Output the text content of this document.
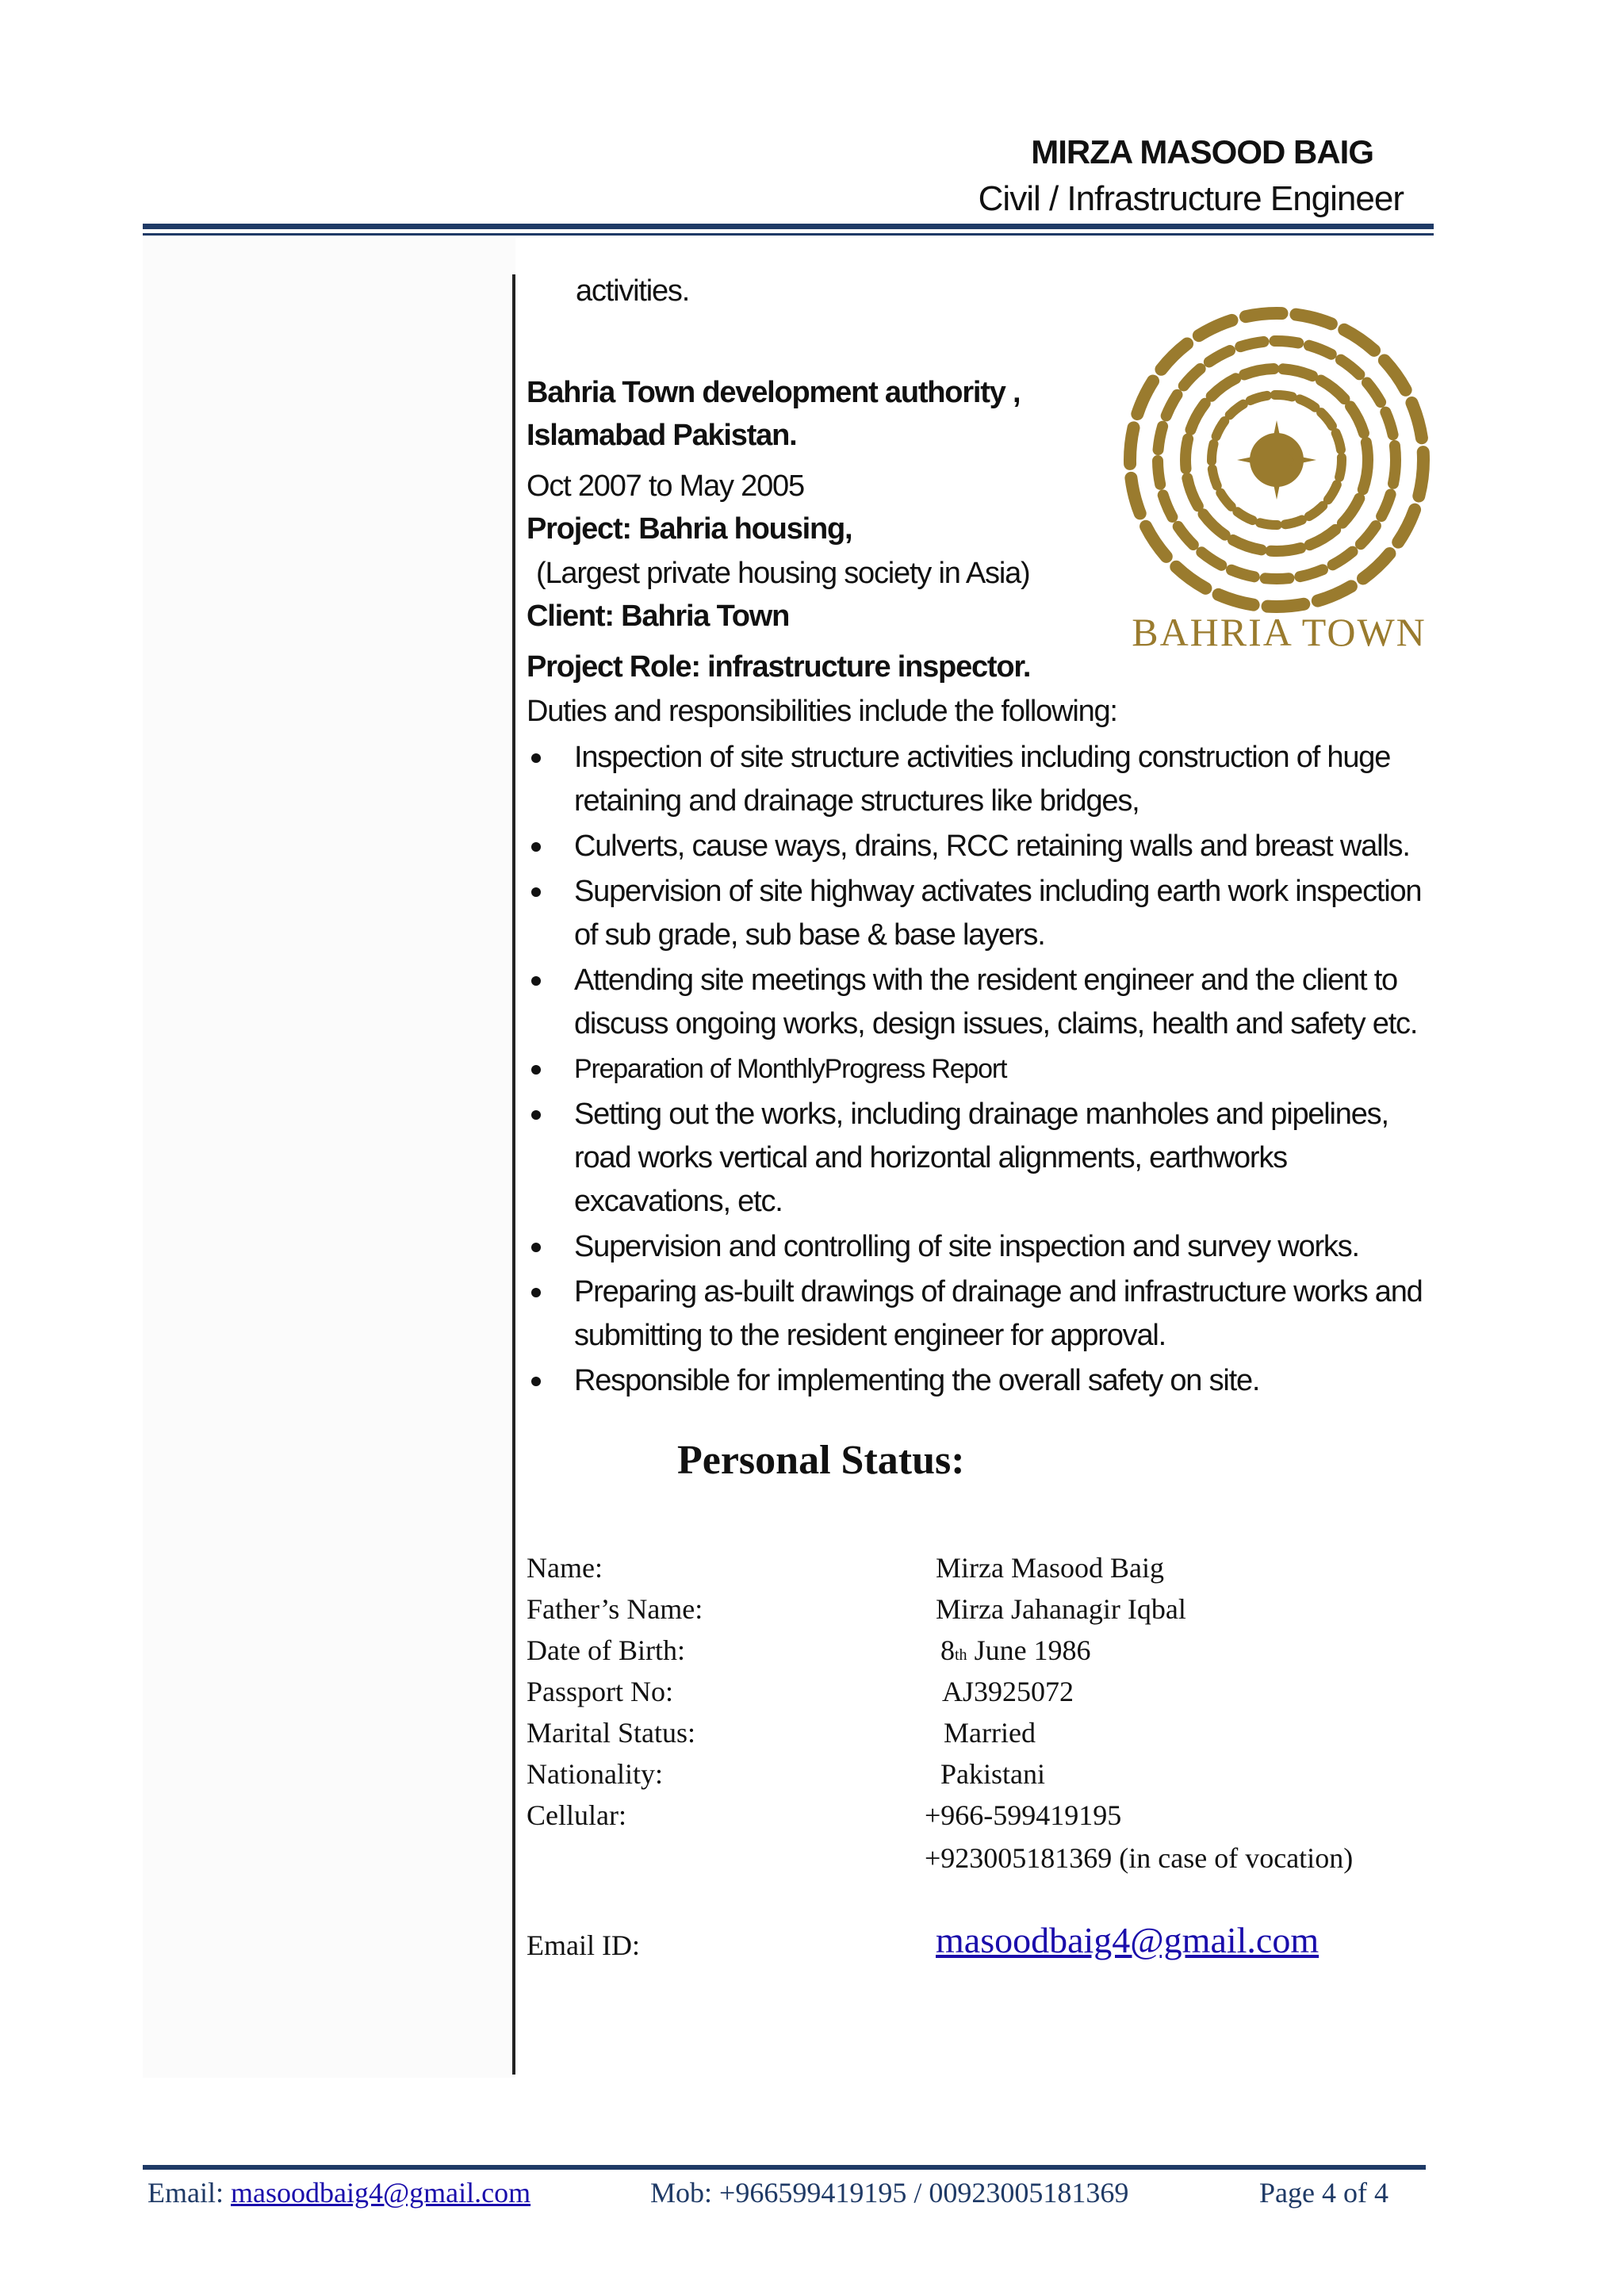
MIRZA MASOOD BAIG
Civil / Infrastructure Engineer
activities.
Bahria Town development authority ,
Islamabad Pakistan.
Oct 2007 to May 2005
Project: Bahria housing,
(Largest private housing society in Asia)
Client: Bahria Town
Project Role: infrastructure inspector.
Duties and responsibilities include the following:
Inspection of site structure activities including construction of huge retaining and drainage structures like bridges,
Culverts, cause ways, drains, RCC retaining walls and breast walls.
Supervision of site highway activates including earth work inspection of sub grade, sub base & base layers.
Attending site meetings with the resident engineer and the client to discuss ongoing works, design issues, claims, health and safety etc.
Preparation of MonthlyProgress Report
Setting out the works, including drainage manholes and pipelines, road works vertical and horizontal alignments, earthworks excavations, etc.
Supervision and controlling of site inspection and survey works.
Preparing as-built drawings of drainage and infrastructure works and submitting to the resident engineer for approval.
Responsible for implementing the overall safety on site.
BAHRIA TOWN
Personal Status:
Name:	Mirza Masood Baig
Father’s Name:	Mirza Jahanagir Iqbal
Date of Birth:	8th June 1986
Passport No:	AJ3925072
Marital Status:	Married
Nationality:	Pakistani
Cellular:	+966-599419195
+923005181369 (in case of vocation)
Email ID:	masoodbaig4@gmail.com
Email: masoodbaig4@gmail.com	Mob: +966599419195 / 00923005181369	Page 4 of 4
